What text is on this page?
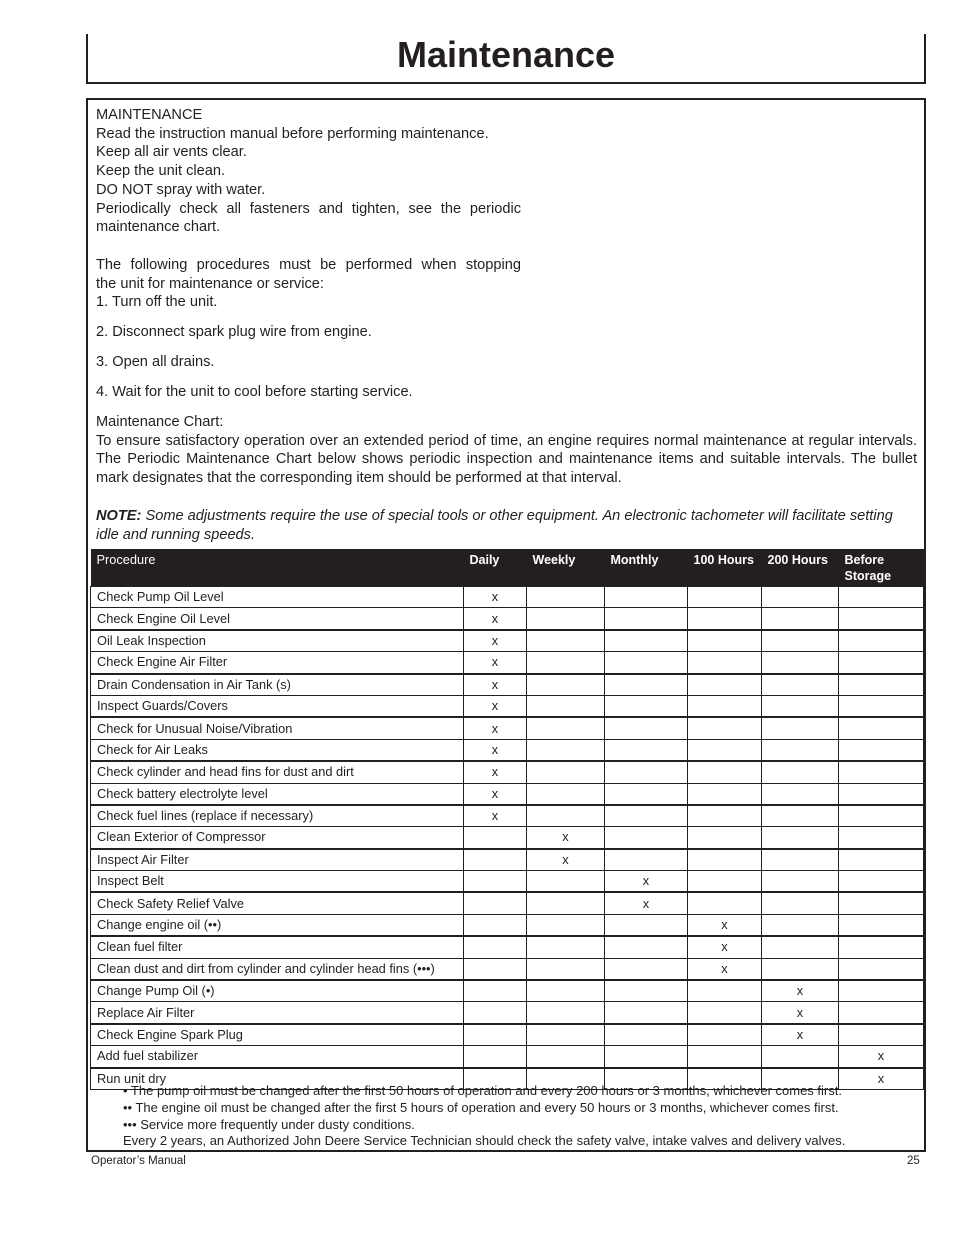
Maintenance
MAINTENANCE
Read the instruction manual before performing maintenance.
Keep all air vents clear.
Keep the unit clean.
DO NOT spray with water.
Periodically check all fasteners and tighten, see the periodic
maintenance chart.
The following procedures must be performed when stopping
the unit for maintenance or service:
1. Turn off the unit.
2. Disconnect spark plug wire from engine.
3. Open all drains.
4. Wait for the unit to cool before starting service.
Maintenance Chart:
To ensure satisfactory operation over an extended period of time, an engine requires normal maintenance at regular intervals. The Periodic Maintenance Chart below shows periodic inspection and maintenance items and suitable intervals. The bullet mark designates that the corresponding item should be performed at that interval.
NOTE: Some adjustments require the use of special tools or other equipment. An electronic tachometer will facilitate setting idle and running speeds.
Procedure	Daily	Weekly	Monthly	100 Hours	200 Hours	Before Storage
Check Pump Oil Level	x					
Check Engine Oil Level	x					
Oil Leak Inspection	x					
Check Engine Air Filter	x					
Drain Condensation in Air Tank (s)	x					
Inspect Guards/Covers	x					
Check for Unusual Noise/Vibration	x					
Check for Air Leaks	x					
Check cylinder and head fins for dust and dirt	x					
Check battery electrolyte level	x					
Check fuel lines (replace if necessary)	x					
Clean Exterior of Compressor		x				
Inspect Air Filter		x				
Inspect Belt			x			
Check Safety Relief Valve			x			
Change engine oil (••)				x		
Clean fuel filter				x		
Clean dust and dirt from cylinder and cylinder head fins (•••)				x		
Change Pump Oil (•)					x	
Replace Air Filter					x	
Check Engine Spark Plug					x	
Add fuel stabilizer						x
Run unit dry						x
• The pump oil must be changed after the first 50 hours of operation and every 200 hours or 3 months, whichever comes first.
•• The engine oil must be changed after the first 5 hours of operation and every 50 hours or 3 months, whichever comes first.
••• Service more frequently under dusty conditions.
Every 2 years, an Authorized John Deere Service Technician should check the safety valve, intake valves and delivery valves.
Operator’s Manual	25
